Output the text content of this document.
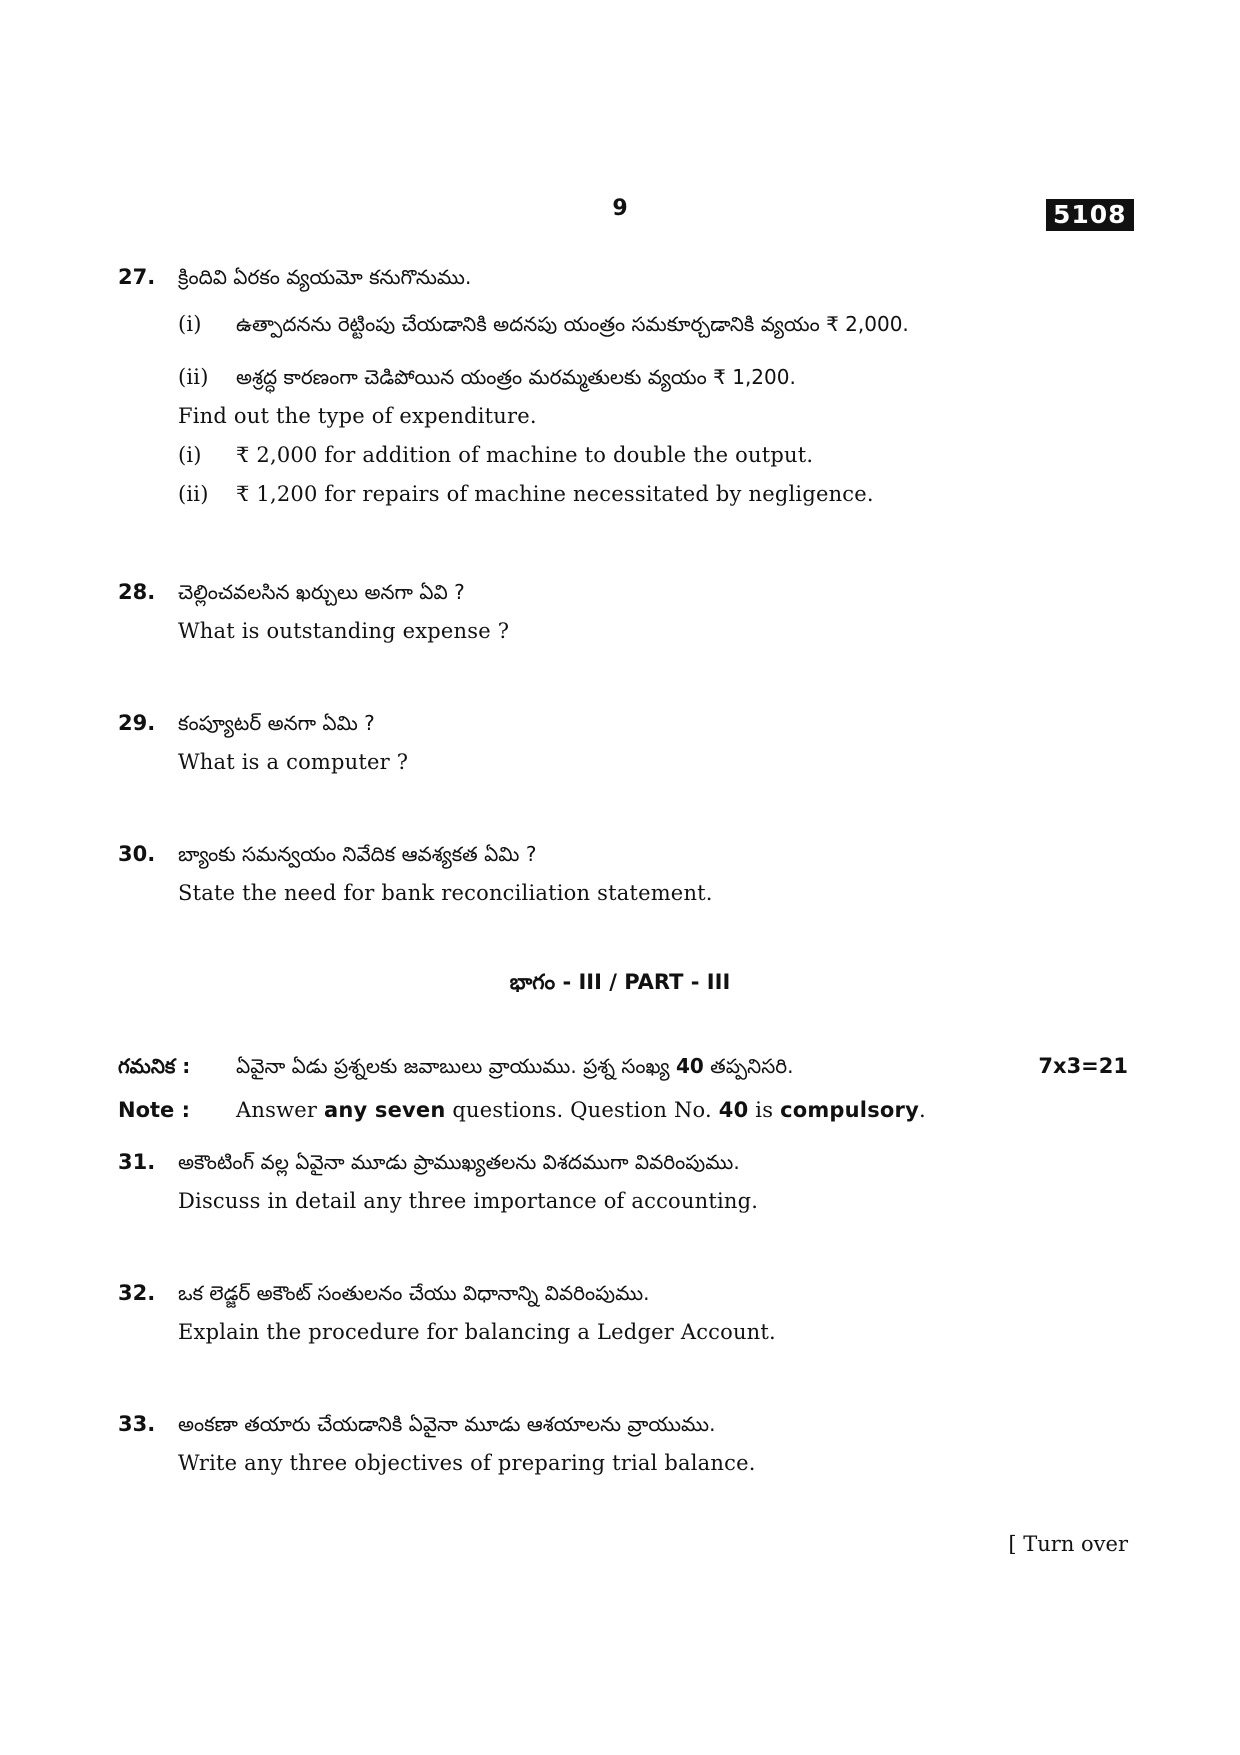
9	5108
27.	క్రిందివి ఏరకం వ్యయమో కనుగొనుము.
(i)	ఉత్పాదనను రెట్టింపు చేయడానికి అదనపు యంత్రం సమకూర్చడానికి వ్యయం ₹ 2,000.
(ii)	అశ్రద్ధ కారణంగా చెడిపోయిన యంత్రం మరమ్మతులకు వ్యయం ₹ 1,200.
Find out the type of expenditure.
(i)	₹ 2,000 for addition of machine to double the output.
(ii)	₹ 1,200 for repairs of machine necessitated by negligence.
28.	చెల్లించవలసిన ఖర్చులు అనగా ఏవి ?
What is outstanding expense ?
29.	కంప్యూటర్ అనగా ఏమి ?
What is a computer ?
30.	బ్యాంకు సమన్వయం నివేదిక ఆవశ్యకత ఏమి ?
State the need for bank reconciliation statement.
భాగం - III / PART - III
గమనిక :	ఏవైనా ఏడు ప్రశ్నలకు జవాబులు వ్రాయుము. ప్రశ్న సంఖ్య 40 తప్పనిసరి.	7x3=21
Note :	Answer any seven questions. Question No. 40 is compulsory.
31.	అకౌంటింగ్ వల్ల ఏవైనా మూడు ప్రాముఖ్యతలను విశదముగా వివరింపుము.
Discuss in detail any three importance of accounting.
32.	ఒక లెడ్జర్ అకౌంట్ సంతులనం చేయు విధానాన్ని వివరింపుము.
Explain the procedure for balancing a Ledger Account.
33.	అంకణా తయారు చేయడానికి ఏవైనా మూడు ఆశయాలను వ్రాయుము.
Write any three objectives of preparing trial balance.
[ Turn over
